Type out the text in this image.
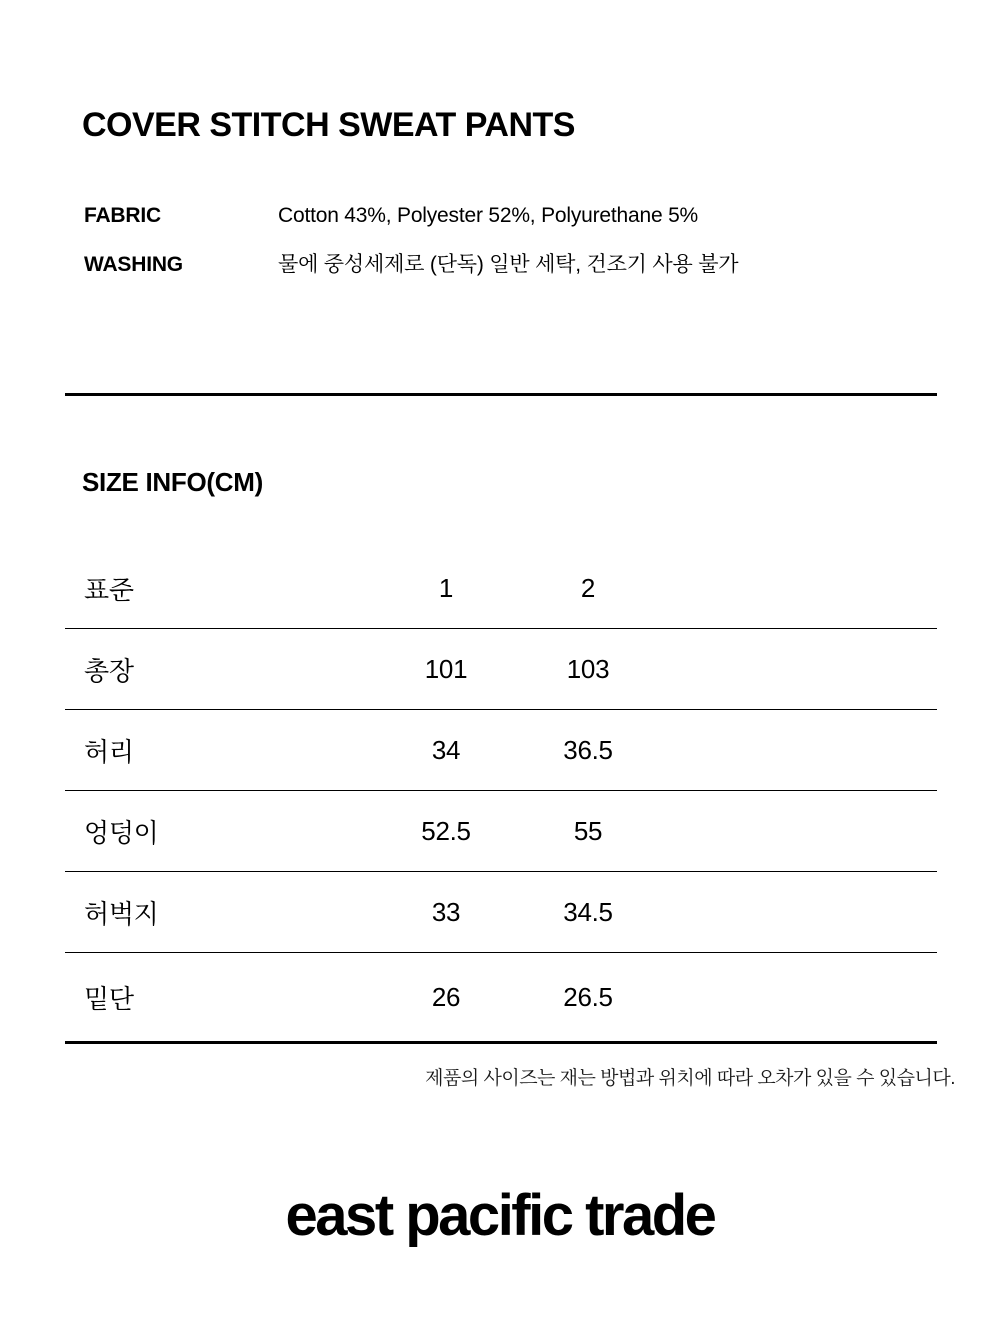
COVER STITCH SWEAT PANTS
FABRIC	Cotton 43%, Polyester 52%, Polyurethane 5%
WASHING	물에 중성세제로 (단독) 일반 세탁, 건조기 사용 불가
SIZE INFO(CM)
표준	1	2
총장	101	103
허리	34	36.5
엉덩이	52.5	55
허벅지	33	34.5
밑단	26	26.5
제품의 사이즈는 재는 방법과 위치에 따라 오차가 있을 수 있습니다.
east pacific trade
